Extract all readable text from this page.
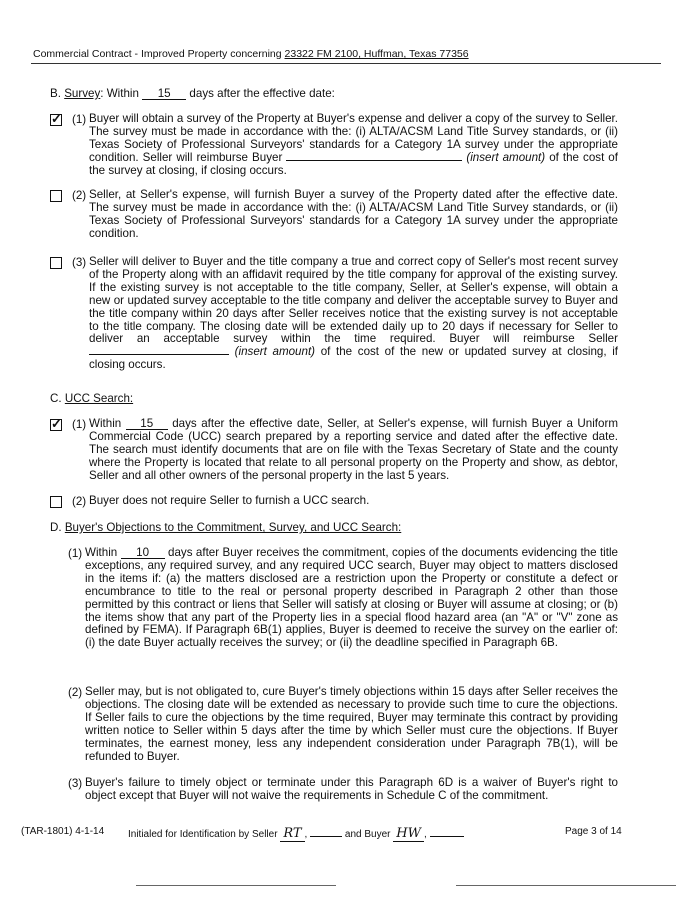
Commercial Contract - Improved Property concerning 23322 FM 2100, Huffman, Texas 77356
B. Survey: Within 15 days after the effective date:
✓
(1) Buyer will obtain a survey of the Property at Buyer's expense and deliver a copy of the survey to Seller. The survey must be made in accordance with the: (i) ALTA/ACSM Land Title Survey standards, or (ii) Texas Society of Professional Surveyors' standards for a Category 1A survey under the appropriate condition. Seller will reimburse Buyer	(insert amount) of the cost of the survey at closing, if closing occurs.
(2) Seller, at Seller's expense, will furnish Buyer a survey of the Property dated after the effective date. The survey must be made in accordance with the: (i) ALTA/ACSM Land Title Survey standards, or (ii) Texas Society of Professional Surveyors' standards for a Category 1A survey under the appropriate condition.
(3) Seller will deliver to Buyer and the title company a true and correct copy of Seller's most recent survey of the Property along with an affidavit required by the title company for approval of the existing survey. If the existing survey is not acceptable to the title company, Seller, at Seller's expense, will obtain a new or updated survey acceptable to the title company and deliver the acceptable survey to Buyer and the title company within 20 days after Seller receives notice that the existing survey is not acceptable to the title company. The closing date will be extended daily up to 20 days if necessary for Seller to deliver an acceptable survey within the time required. Buyer will reimburse Seller  (insert amount) of the cost of the new or updated survey at closing, if closing occurs.
C. UCC Search:
✓
(1) Within 15 days after the effective date, Seller, at Seller's expense, will furnish Buyer a Uniform Commercial Code (UCC) search prepared by a reporting service and dated after the effective date. The search must identify documents that are on file with the Texas Secretary of State and the county where the Property is located that relate to all personal property on the Property and show, as debtor, Seller and all other owners of the personal property in the last 5 years.
(2) Buyer does not require Seller to furnish a UCC search.
D. Buyer's Objections to the Commitment, Survey, and UCC Search:
(1) Within 10 days after Buyer receives the commitment, copies of the documents evidencing the title exceptions, any required survey, and any required UCC search, Buyer may object to matters disclosed in the items if: (a) the matters disclosed are a restriction upon the Property or constitute a defect or encumbrance to title to the real or personal property described in Paragraph 2 other than those permitted by this contract or liens that Seller will satisfy at closing or Buyer will assume at closing; or (b) the items show that any part of the Property lies in a special flood hazard area (an "A" or "V" zone as defined by FEMA). If Paragraph 6B(1) applies, Buyer is deemed to receive the survey on the earlier of: (i) the date Buyer actually receives the survey; or (ii) the deadline specified in Paragraph 6B.
(2) Seller may, but is not obligated to, cure Buyer's timely objections within 15 days after Seller receives the objections. The closing date will be extended as necessary to provide such time to cure the objections. If Seller fails to cure the objections by the time required, Buyer may terminate this contract by providing written notice to Seller within 5 days after the time by which Seller must cure the objections. If Buyer terminates, the earnest money, less any independent consideration under Paragraph 7B(1), will be refunded to Buyer.
(3) Buyer's failure to timely object or terminate under this Paragraph 6D is a waiver of Buyer's right to object except that Buyer will not waive the requirements in Schedule C of the commitment.
(TAR-1801) 4-1-14 Initialed for Identification by Seller RT ,	and Buyer HW ,	Page 3 of 14
